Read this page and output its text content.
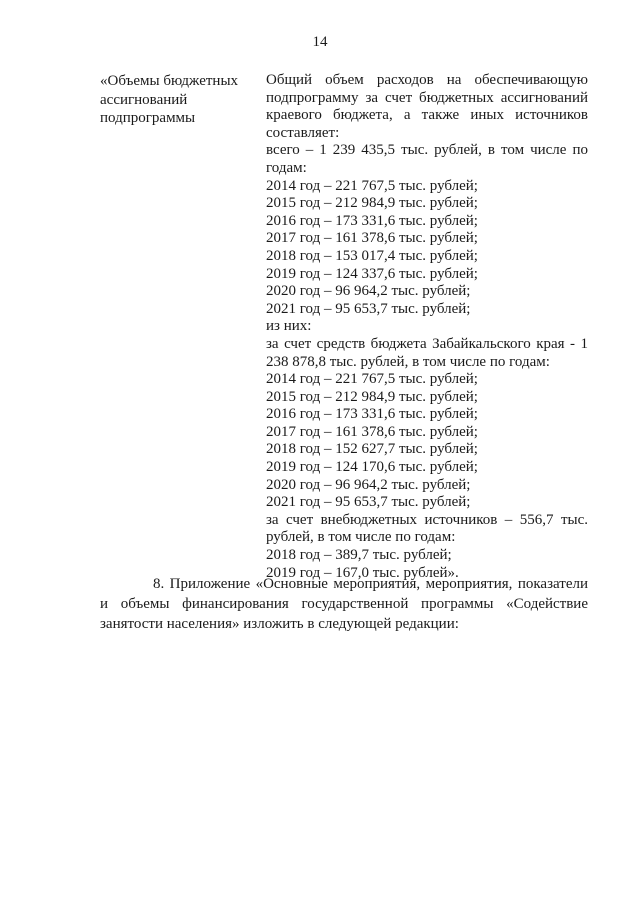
14
«Объемы бюджетных ассигнований подпрограммы
Общий объем расходов на обеспечивающую подпрограмму за счет бюджетных ассигнований краевого бюджета, а также иных источников составляет:
всего – 1 239 435,5 тыс. рублей, в том числе по годам:
2014 год – 221 767,5 тыс. рублей;
2015 год – 212 984,9 тыс. рублей;
2016 год – 173 331,6 тыс. рублей;
2017 год – 161 378,6 тыс. рублей;
2018 год – 153 017,4 тыс. рублей;
2019 год – 124 337,6 тыс. рублей;
2020 год – 96 964,2 тыс. рублей;
2021 год – 95 653,7 тыс. рублей;
из них:
за счет средств бюджета Забайкальского края - 1 238 878,8 тыс. рублей, в том числе по годам:
2014 год – 221 767,5 тыс. рублей;
2015 год – 212 984,9 тыс. рублей;
2016 год – 173 331,6 тыс. рублей;
2017 год – 161 378,6 тыс. рублей;
2018 год – 152 627,7 тыс. рублей;
2019 год – 124 170,6 тыс. рублей;
2020 год – 96 964,2 тыс. рублей;
2021 год – 95 653,7 тыс. рублей;
за счет внебюджетных источников – 556,7 тыс. рублей, в том числе по годам:
2018 год – 389,7 тыс. рублей;
2019 год – 167,0 тыс. рублей».
8. Приложение «Основные мероприятия, мероприятия, показатели и объемы финансирования государственной программы «Содействие занятости населения» изложить в следующей редакции:
